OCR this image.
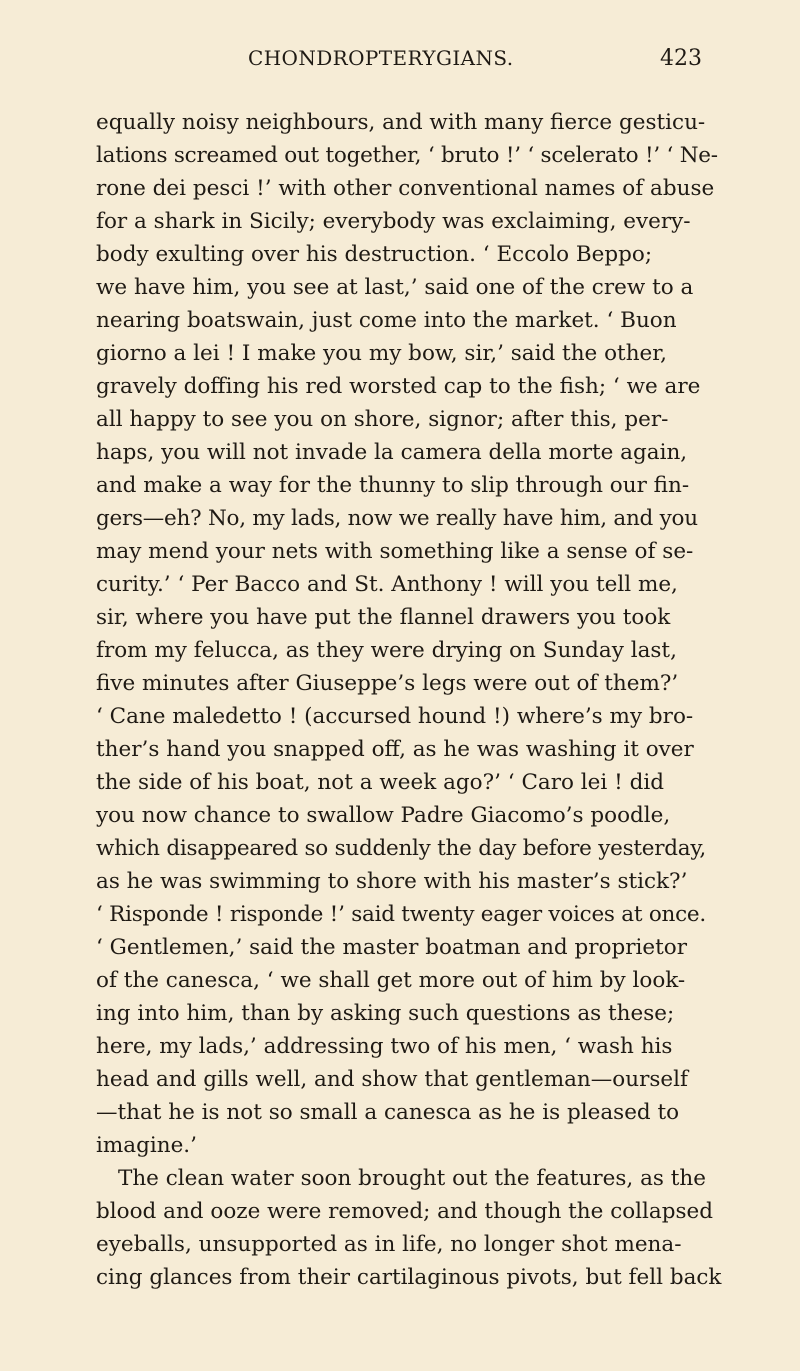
CHONDROPTERYGIANS.	423
equally noisy neighbours, and with many fierce gesticu-
lations screamed out together, ‘ bruto !’ ‘ scelerato !’ ‘ Ne-
rone dei pesci !’ with other conventional names of abuse
for a shark in Sicily; everybody was exclaiming, every-
body exulting over his destruction. ‘ Eccolo Beppo;
we have him, you see at last,’ said one of the crew to a
nearing boatswain, just come into the market. ‘ Buon
giorno a lei ! I make you my bow, sir,’ said the other,
gravely doffing his red worsted cap to the fish; ‘ we are
all happy to see you on shore, signor; after this, per-
haps, you will not invade la camera della morte again,
and make a way for the thunny to slip through our fin-
gers—eh? No, my lads, now we really have him, and you
may mend your nets with something like a sense of se-
curity.’ ‘ Per Bacco and St. Anthony ! will you tell me,
sir, where you have put the flannel drawers you took
from my felucca, as they were drying on Sunday last,
five minutes after Giuseppe’s legs were out of them?’
‘ Cane maledetto ! (accursed hound !) where’s my bro-
ther’s hand you snapped off, as he was washing it over
the side of his boat, not a week ago?’ ‘ Caro lei ! did
you now chance to swallow Padre Giacomo’s poodle,
which disappeared so suddenly the day before yesterday,
as he was swimming to shore with his master’s stick?’
‘ Risponde ! risponde !’ said twenty eager voices at once.
‘ Gentlemen,’ said the master boatman and proprietor
of the canesca, ‘ we shall get more out of him by look-
ing into him, than by asking such questions as these;
here, my lads,’ addressing two of his men, ‘ wash his
head and gills well, and show that gentleman—ourself
—that he is not so small a canesca as he is pleased to
imagine.’
The clean water soon brought out the features, as the
blood and ooze were removed; and though the collapsed
eyeballs, unsupported as in life, no longer shot mena-
cing glances from their cartilaginous pivots, but fell back
